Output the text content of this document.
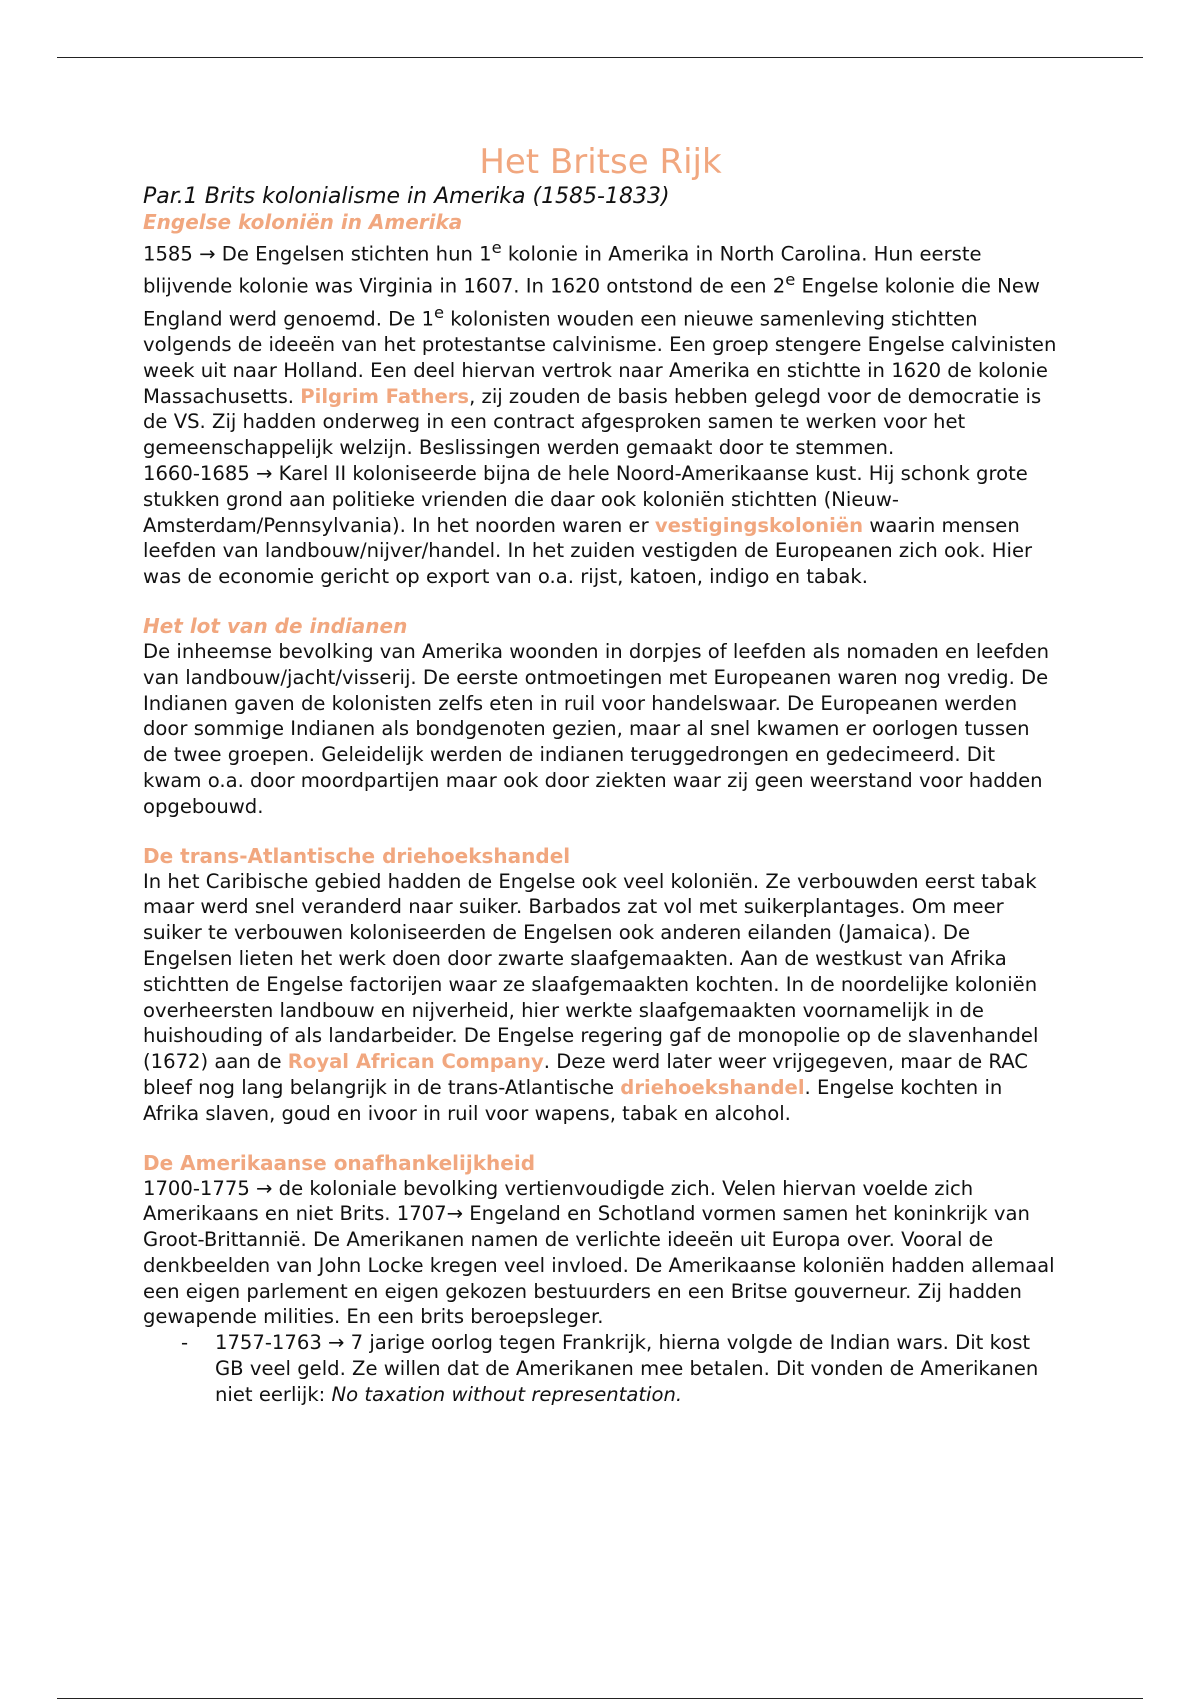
Het Britse Rijk
Par.1 Brits kolonialisme in Amerika (1585-1833)
Engelse koloniën in Amerika

1585 → De Engelsen stichten hun 1e kolonie in Amerika in North Carolina. Hun eerste blijvende kolonie was Virginia in 1607. In 1620 ontstond de een 2e Engelse kolonie die New England werd genoemd. De 1e kolonisten wouden een nieuwe samenleving stichtten volgends de ideeën van het protestantse calvinisme. Een groep stengere Engelse calvinisten week uit naar Holland. Een deel hiervan vertrok naar Amerika en stichtte in 1620 de kolonie Massachusetts. Pilgrim Fathers, zij zouden de basis hebben gelegd voor de democratie is de VS. Zij hadden onderweg in een contract afgesproken samen te werken voor het gemeenschappelijk welzijn. Beslissingen werden gemaakt door te stemmen.

1660-1685 → Karel II koloniseerde bijna de hele Noord-Amerikaanse kust. Hij schonk grote stukken grond aan politieke vrienden die daar ook koloniën stichtten (Nieuw-Amsterdam/Pennsylvania). In het noorden waren er vestigingskoloniën waarin mensen leefden van landbouw/nijver/handel. In het zuiden vestigden de Europeanen zich ook. Hier was de economie gericht op export van o.a. rijst, katoen, indigo en tabak.

Het lot van de indianen

De inheemse bevolking van Amerika woonden in dorpjes of leefden als nomaden en leefden van landbouw/jacht/visserij. De eerste ontmoetingen met Europeanen waren nog vredig. De Indianen gaven de kolonisten zelfs eten in ruil voor handelswaar. De Europeanen werden door sommige Indianen als bondgenoten gezien, maar al snel kwamen er oorlogen tussen de twee groepen. Geleidelijk werden de indianen teruggedrongen en gedecimeerd. Dit kwam o.a. door moordpartijen maar ook door ziekten waar zij geen weerstand voor hadden opgebouwd.

De trans-Atlantische driehoekshandel

In het Caribische gebied hadden de Engelse ook veel koloniën. Ze verbouwden eerst tabak maar werd snel veranderd naar suiker. Barbados zat vol met suikerplantages. Om meer suiker te verbouwen koloniseerden de Engelsen ook anderen eilanden (Jamaica). De Engelsen lieten het werk doen door zwarte slaafgemaakten. Aan de westkust van Afrika stichtten de Engelse factorijen waar ze slaafgemaakten kochten. In de noordelijke koloniën overheersten landbouw en nijverheid, hier werkte slaafgemaakten voornamelijk in de huishouding of als landarbeider. De Engelse regering gaf de monopolie op de slavenhandel (1672) aan de Royal African Company. Deze werd later weer vrijgegeven, maar de RAC bleef nog lang belangrijk in de trans-Atlantische driehoekshandel. Engelse kochten in Afrika slaven, goud en ivoor in ruil voor wapens, tabak en alcohol.

De Amerikaanse onafhankelijkheid

1700-1775 → de koloniale bevolking vertienvoudigde zich. Velen hiervan voelde zich Amerikaans en niet Brits. 1707→ Engeland en Schotland vormen samen het koninkrijk van Groot-Brittannië. De Amerikanen namen de verlichte ideeën uit Europa over. Vooral de denkbeelden van John Locke kregen veel invloed. De Amerikaanse koloniën hadden allemaal een eigen parlement en eigen gekozen bestuurders en een Britse gouverneur. Zij hadden gewapende milities. En een brits beroepsleger.

-	1757-1763 → 7 jarige oorlog tegen Frankrijk, hierna volgde de Indian wars. Dit kost GB veel geld. Ze willen dat de Amerikanen mee betalen. Dit vonden de Amerikanen niet eerlijk: No taxation without representation.
